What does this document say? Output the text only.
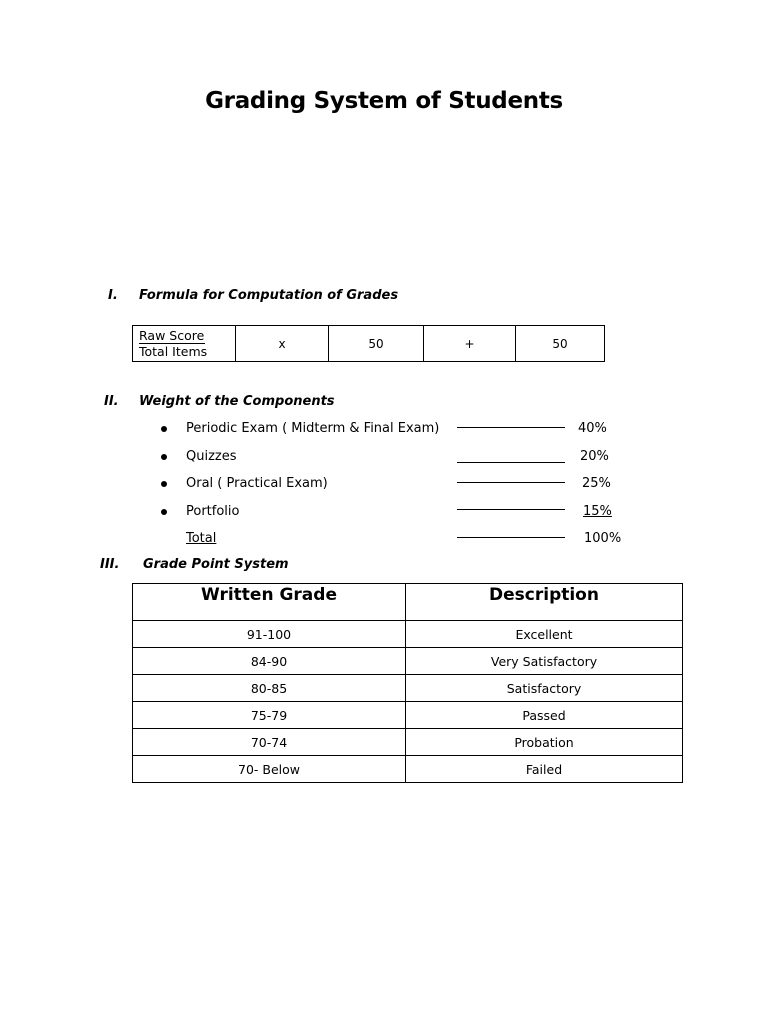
Grading System of Students
I. Formula for Computation of Grades
$\frac{\text{Raw Score}}{\text{Total Items}}$	x	50	+	50
II. Weight of the Components
Periodic Exam ( Midterm & Final Exam)	40%
Quizzes	20%
Oral ( Practical Exam)	25%
Portfolio	15%
Total	100%
III. Grade Point System
Written Grade	Description
91-100	Excellent
84-90	Very Satisfactory
80-85	Satisfactory
75-79	Passed
70-74	Probation
70- Below	Failed
